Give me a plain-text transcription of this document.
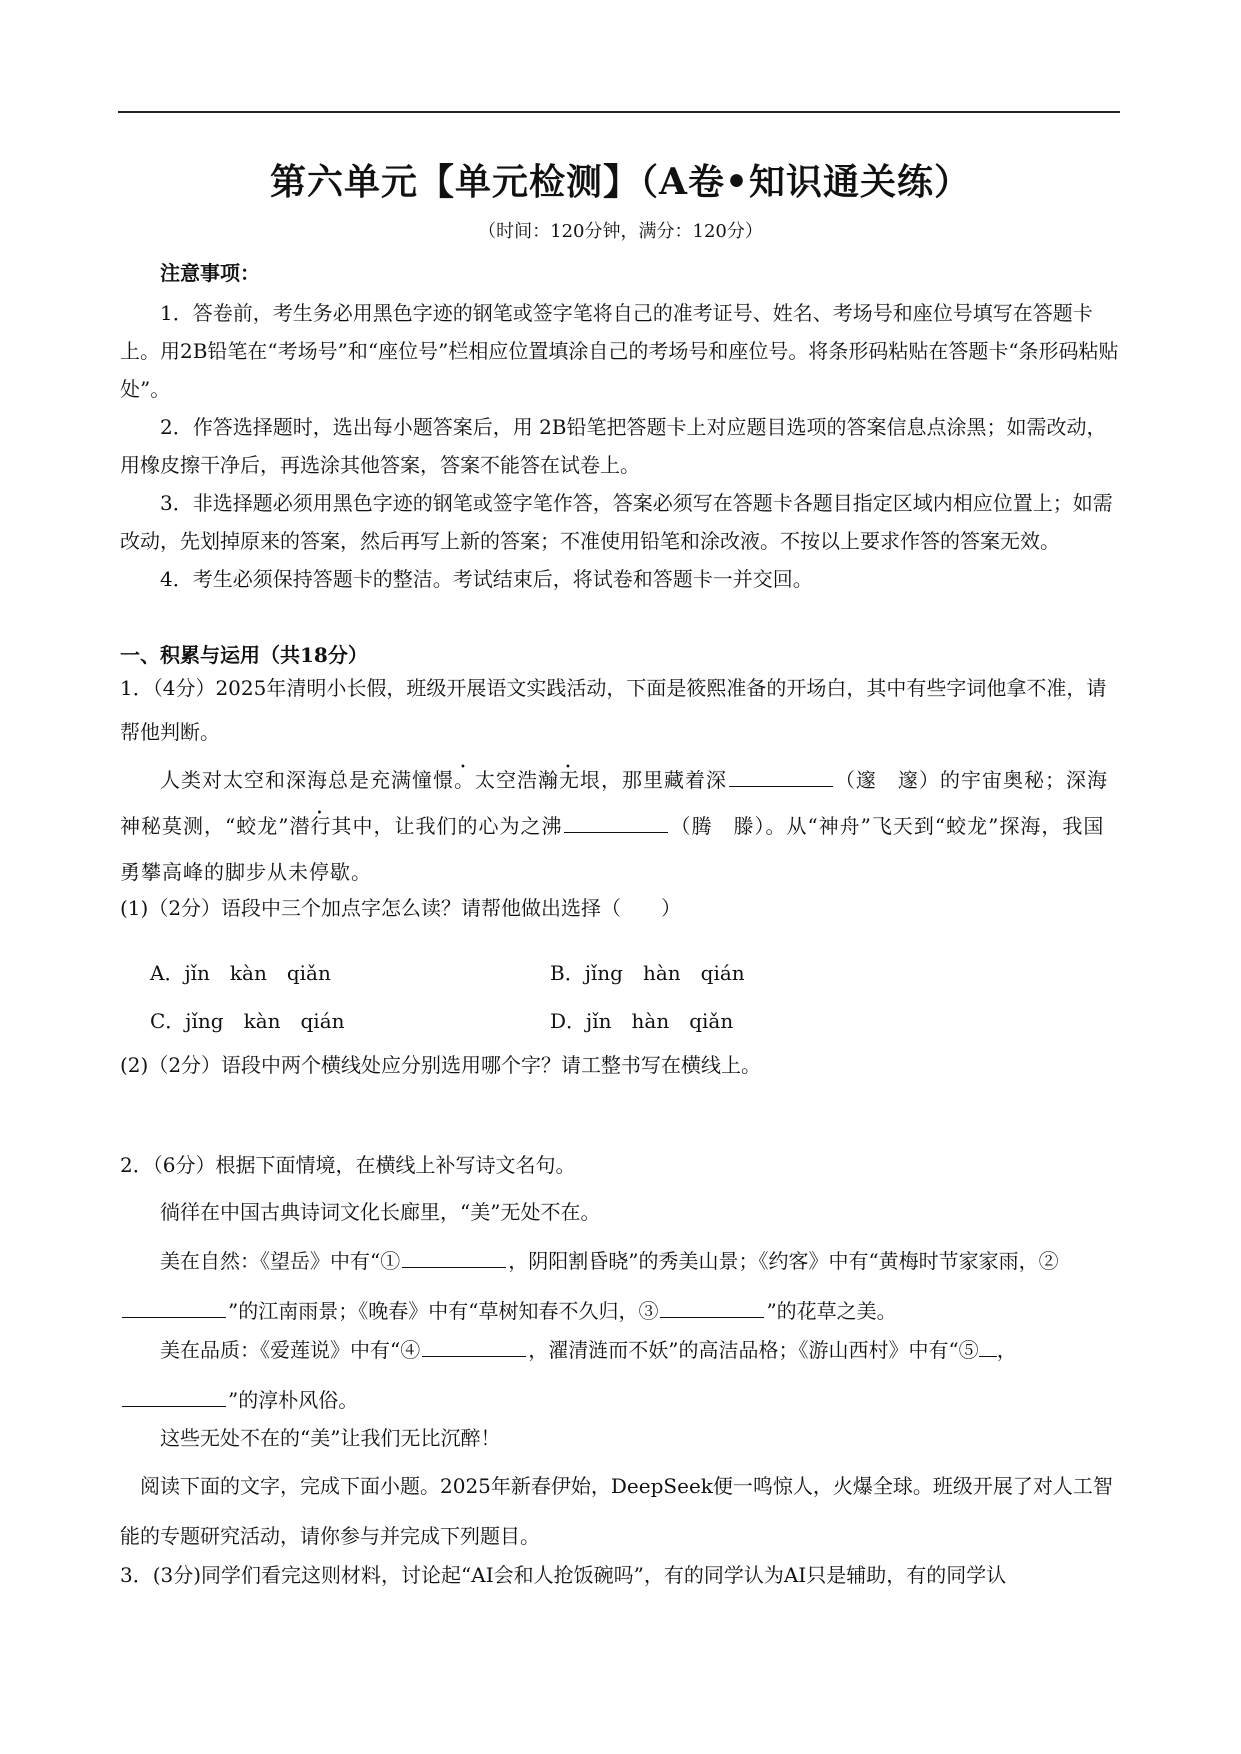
第六单元【单元检测】（A卷•知识通关练）
（时间：120分钟，满分：120分）

注意事项：

1．答卷前，考生务必用黑色字迹的钢笔或签字笔将自己的准考证号、姓名、考场号和座位号填写在答题卡上。用2B铅笔在“考场号”和“座位号”栏相应位置填涂自己的考场号和座位号。将条形码粘贴在答题卡“条形码粘贴处”。

2．作答选择题时，选出每小题答案后，用 2B铅笔把答题卡上对应题目选项的答案信息点涂黑；如需改动，用橡皮擦干净后，再选涂其他答案，答案不能答在试卷上。

3．非选择题必须用黑色字迹的钢笔或签字笔作答，答案必须写在答题卡各题目指定区域内相应位置上；如需改动，先划掉原来的答案，然后再写上新的答案；不准使用铅笔和涂改液。不按以上要求作答的答案无效。

4．考生必须保持答题卡的整洁。考试结束后，将试卷和答题卡一并交回。

一、积累与运用（共18分）
1．（4分）2025年清明小长假，班级开展语文实践活动，下面是筱熙准备的开场白，其中有些字词他拿不准，请帮他判断。
人类对太空和深海总是充满憧憬。太空浩瀚无垠，那里藏着深	（邃　邃）的宇宙奥秘；深海神秘莫测，“蛟龙”潜行其中，让我们的心为之沸	（腾　滕）。从“神舟”飞天到“蛟龙”探海，我国勇攀高峰的脚步从未停歇。
(1)（2分）语段中三个加点字怎么读？请帮他做出选择（　　）
A．jǐn　kàn　qiǎn	B．jǐng　hàn　qián
C．jǐng　kàn　qián	D．jǐn　hàn　qiǎn
(2)（2分）语段中两个横线处应分别选用哪个字？请工整书写在横线上。
2．（6分）根据下面情境，在横线上补写诗文名句。
徜徉在中国古典诗词文化长廊里，“美”无处不在。
美在自然：《望岳》中有“①	，阴阳割昏晓”的秀美山景；《约客》中有“黄梅时节家家雨，②”的江南雨景；《晚春》中有“草树知春不久归，③	”的花草之美。
美在品质：《爱莲说》中有“④	，濯清涟而不妖”的高洁品格；《游山西村》中有“⑤ ，”的淳朴风俗。
这些无处不在的“美”让我们无比沉醉！
阅读下面的文字，完成下面小题。2025年新春伊始，DeepSeek便一鸣惊人，火爆全球。班级开展了对人工智能的专题研究活动，请你参与并完成下列题目。
3．(3分)同学们看完这则材料，讨论起“AI会和人抢饭碗吗”，有的同学认为AI只是辅助，有的同学认
